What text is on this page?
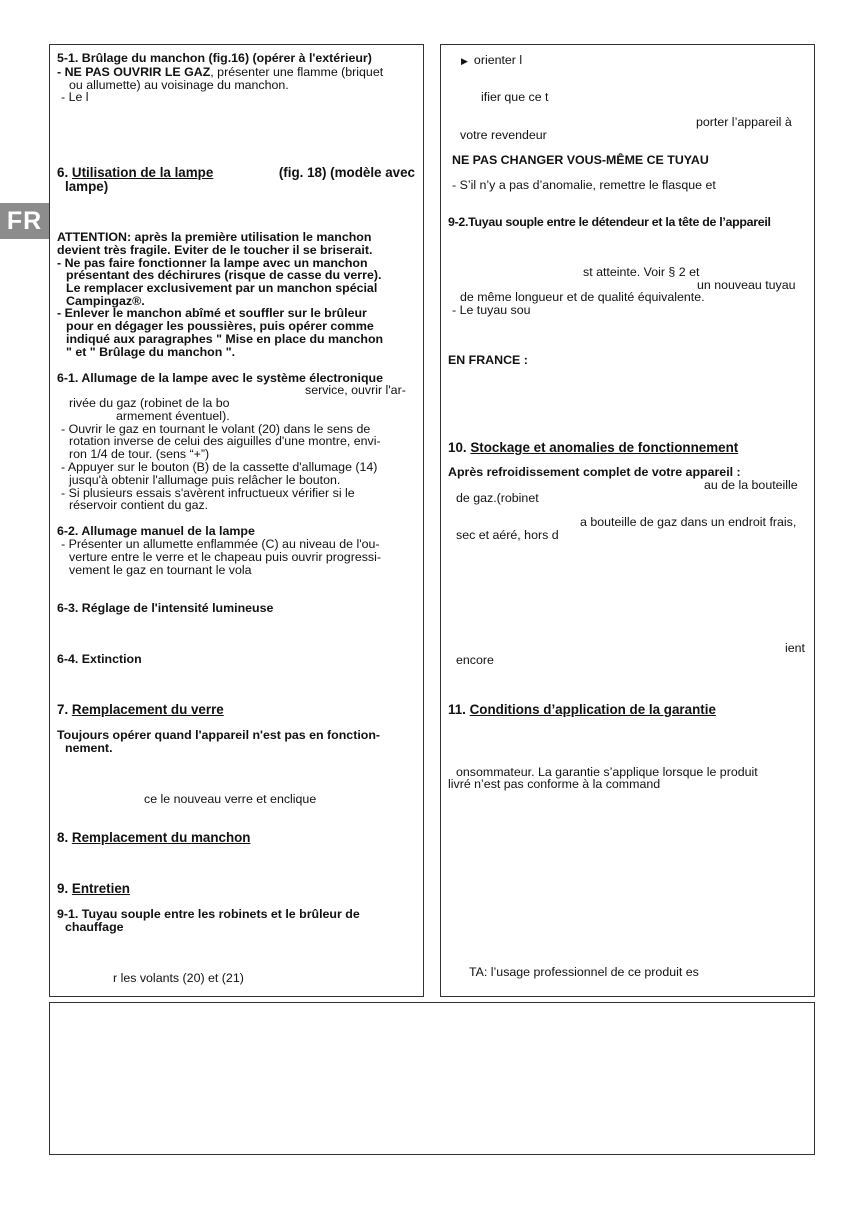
FR

5-1. Brûlage du manchon (fig.16) (opérer à l'extérieur)

- NE PAS OUVRIR LE GAZ, présenter une flamme (briquet

ou allumette) au voisinage du manchon.

- Le l

6. Utilisation de la lampe	(fig. 18) (modèle avec

lampe)

ATTENTION: après la première utilisation le manchon

devient très fragile. Eviter de le toucher il se briserait.

- Ne pas faire fonctionner la lampe avec un manchon

présentant des déchirures (risque de casse du verre).

Le remplacer exclusivement par un manchon spécial

Campingaz®.

- Enlever le manchon abîmé et souffler sur le brûleur

pour en dégager les poussières, puis opérer comme

indiqué aux paragraphes " Mise en place du manchon

" et " Brûlage du manchon ".

6-1. Allumage de la lampe avec le système électronique

service, ouvrir l'ar-

rivée du gaz (robinet de la bo

armement éventuel).

- Ouvrir le gaz en tournant le volant (20) dans le sens de

rotation inverse de celui des aiguilles d'une montre, envi-

ron 1/4 de tour. (sens “+”)

- Appuyer sur le bouton (B) de la cassette d'allumage (14)

jusqu'à obtenir l'allumage puis relâcher le bouton.

- Si plusieurs essais s'avèrent infructueux vérifier si le

réservoir contient du gaz.

6-2. Allumage manuel de la lampe

- Présenter un allumette enflammée (C) au niveau de l'ou-

verture entre le verre et le chapeau puis ouvrir progressi-

vement le gaz en tournant le vola

6-3. Réglage de l'intensité lumineuse

6-4. Extinction

7. Remplacement du verre

Toujours opérer quand l'appareil n'est pas en fonction-

nement.

ce le nouveau verre et enclique

8. Remplacement du manchon

9. Entretien

9-1. Tuyau souple entre les robinets et le brûleur de

chauffage

r les volants (20) et (21)

▶ orienter l

ifier que ce t

porter l’appareil à

votre revendeur

NE PAS CHANGER VOUS-MÊME CE TUYAU

- S’il n’y a pas d’anomalie, remettre le flasque et

9-2.Tuyau souple entre le détendeur et la tête de l’appareil

st atteinte. Voir § 2 et

un nouveau tuyau

de même longueur et de qualité équivalente.

- Le tuyau sou

EN FRANCE :

10. Stockage et anomalies de fonctionnement

Après refroidissement complet de votre appareil :

au de la bouteille

de gaz.(robinet

a bouteille de gaz dans un endroit frais,

sec et aéré, hors d

ient

encore

11. Conditions d’application de la garantie

onsommateur. La garantie s’applique lorsque le produit

livré n’est pas conforme à la command

TA: l’usage professionnel de ce produit es
